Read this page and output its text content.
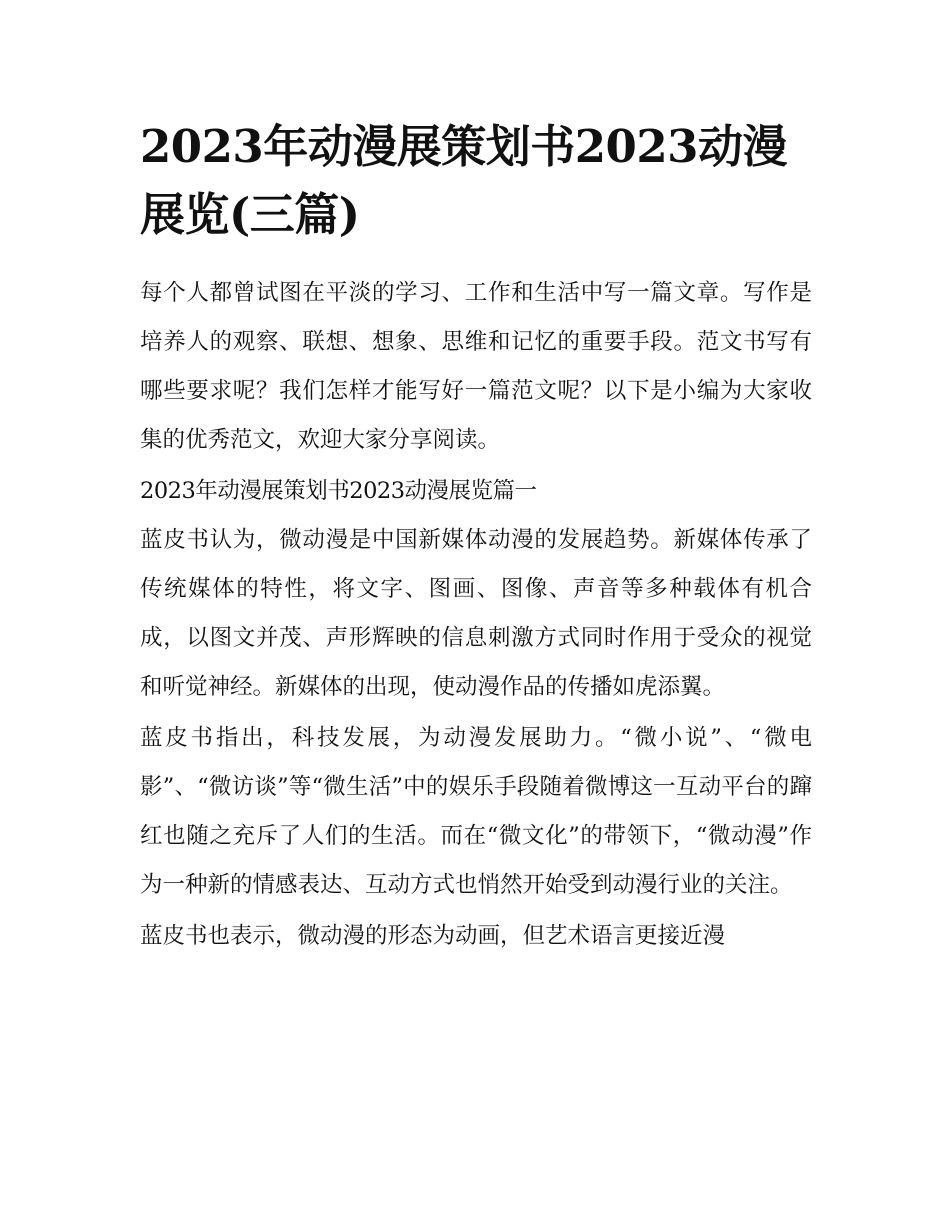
2023年动漫展策划书2023动漫展览(三篇)

每个人都曾试图在平淡的学习、工作和生活中写一篇文章。写作是培养人的观察、联想、想象、思维和记忆的重要手段。范文书写有哪些要求呢？我们怎样才能写好一篇范文呢？以下是小编为大家收集的优秀范文，欢迎大家分享阅读。

2023年动漫展策划书2023动漫展览篇一

蓝皮书认为，微动漫是中国新媒体动漫的发展趋势。新媒体传承了传统媒体的特性，将文字、图画、图像、声音等多种载体有机合成，以图文并茂、声形辉映的信息刺激方式同时作用于受众的视觉和听觉神经。新媒体的出现，使动漫作品的传播如虎添翼。

蓝皮书指出，科技发展，为动漫发展助力。“微小说”、“微电影”、“微访谈”等“微生活”中的娱乐手段随着微博这一互动平台的蹿红也随之充斥了人们的生活。而在“微文化”的带领下，“微动漫”作为一种新的情感表达、互动方式也悄然开始受到动漫行业的关注。

蓝皮书也表示，微动漫的形态为动画，但艺术语言更接近漫
